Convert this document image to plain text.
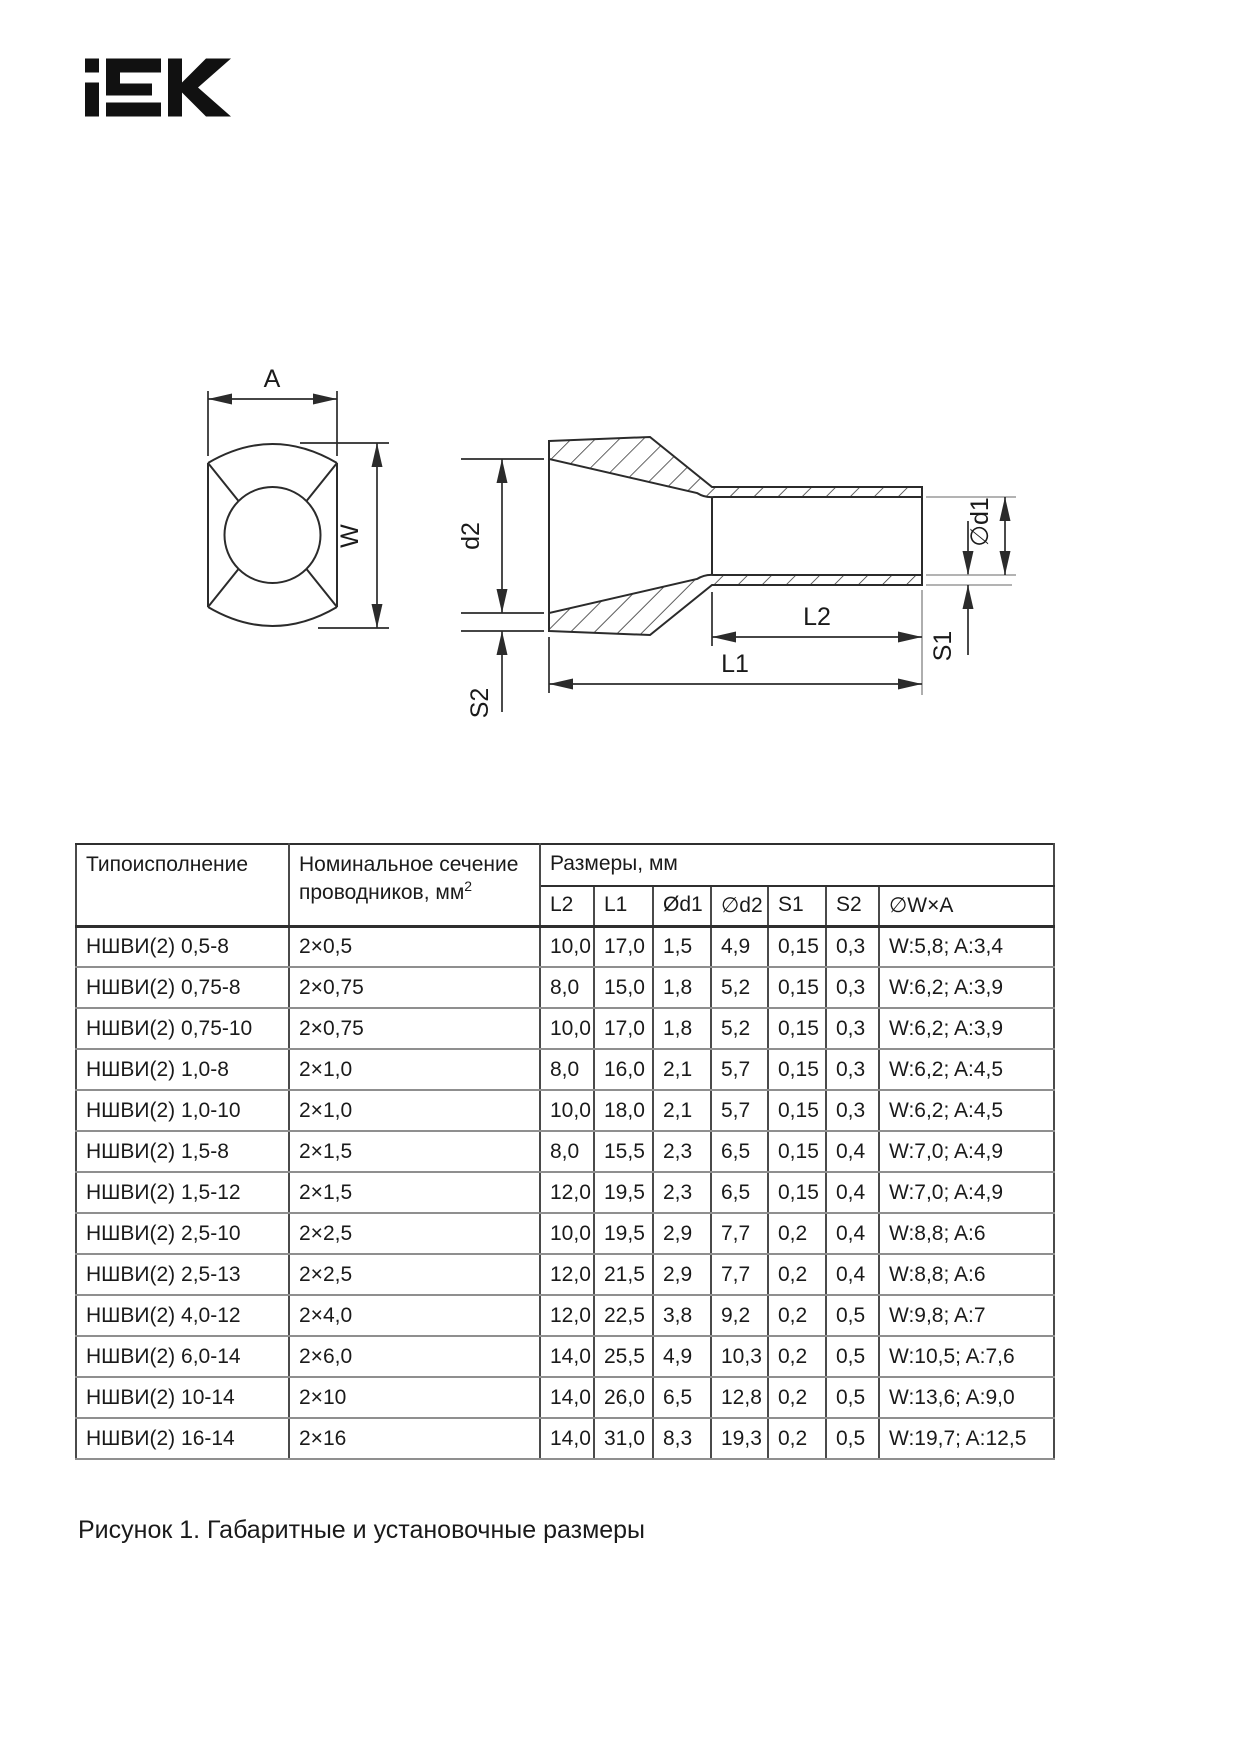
A
W	d2
S2
L2
L1
S1
∅d1
Типоисполнение	Номинальное сечение проводников, $мм^2$	Размеры, мм						
		L2	L1	Ød1	∅d2	S1	S2	∅W×A
НШВИ(2) 0,5-8	2×0,5	10,0	17,0	1,5	4,9	0,15	0,3	W:5,8; A:3,4
НШВИ(2) 0,75-8	2×0,75	8,0	15,0	1,8	5,2	0,15	0,3	W:6,2; A:3,9
НШВИ(2) 0,75-10	2×0,75	10,0	17,0	1,8	5,2	0,15	0,3	W:6,2; A:3,9
НШВИ(2) 1,0-8	2×1,0	8,0	16,0	2,1	5,7	0,15	0,3	W:6,2; A:4,5
НШВИ(2) 1,0-10	2×1,0	10,0	18,0	2,1	5,7	0,15	0,3	W:6,2; A:4,5
НШВИ(2) 1,5-8	2×1,5	8,0	15,5	2,3	6,5	0,15	0,4	W:7,0; A:4,9
НШВИ(2) 1,5-12	2×1,5	12,0	19,5	2,3	6,5	0,15	0,4	W:7,0; A:4,9
НШВИ(2) 2,5-10	2×2,5	10,0	19,5	2,9	7,7	0,2	0,4	W:8,8; A:6
НШВИ(2) 2,5-13	2×2,5	12,0	21,5	2,9	7,7	0,2	0,4	W:8,8; A:6
НШВИ(2) 4,0-12	2×4,0	12,0	22,5	3,8	9,2	0,2	0,5	W:9,8; A:7
НШВИ(2) 6,0-14	2×6,0	14,0	25,5	4,9	10,3	0,2	0,5	W:10,5; A:7,6
НШВИ(2) 10-14	2×10	14,0	26,0	6,5	12,8	0,2	0,5	W:13,6; A:9,0
НШВИ(2) 16-14	2×16	14,0	31,0	8,3	19,3	0,2	0,5	W:19,7; A:12,5
Рисунок 1. Габаритные и установочные размеры
